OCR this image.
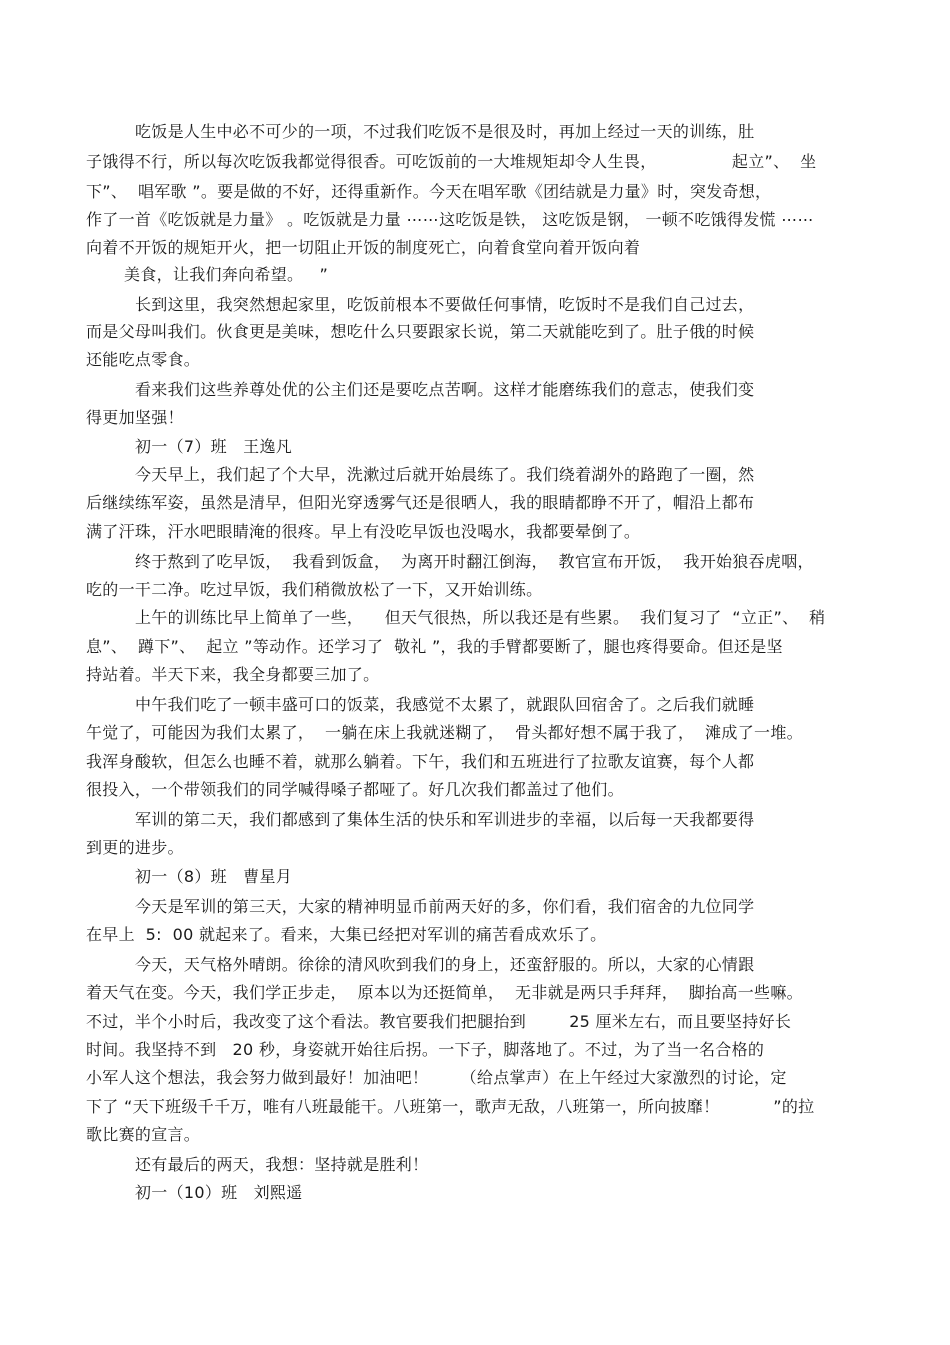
吃饭是人生中必不可少的一项，不过我们吃饭不是很及时，再加上经过一天的训练，肚
子饿得不行，所以每次吃饭我都觉得很香。可吃饭前的一大堆规矩却令人生畏，              起立”、  坐
下”、  唱军歌 ”。要是做的不好，还得重新作。今天在唱军歌《团结就是力量》时，突发奇想，
作了一首《吃饭就是力量》 。吃饭就是力量 ⋯⋯这吃饭是铁， 这吃饭是钢， 一顿不吃饿得发慌 ⋯⋯
向着不开饭的规矩开火，把一切阻止开饭的制度死亡，向着食堂向着开饭向着
美食，让我们奔向希望。   ”
长到这里，我突然想起家里，吃饭前根本不要做任何事情，吃饭时不是我们自己过去，
而是父母叫我们。伙食更是美味，想吃什么只要跟家长说，第二天就能吃到了。肚子俄的时候
还能吃点零食。
看来我们这些养尊处优的公主们还是要吃点苦啊。这样才能磨练我们的意志，使我们变
得更加坚强！
初一（7）班   王逸凡
今天早上，我们起了个大早，洗漱过后就开始晨练了。我们绕着湖外的路跑了一圈，然
后继续练军姿，虽然是清早，但阳光穿透雾气还是很晒人，我的眼睛都睁不开了，帽沿上都布
满了汗珠，汗水吧眼睛淹的很疼。早上有没吃早饭也没喝水，我都要晕倒了。
终于熬到了吃早饭，  我看到饭盒，  为离开时翻江倒海，  教官宣布开饭，  我开始狼吞虎咽，
吃的一干二净。吃过早饭，我们稍微放松了一下，又开始训练。
上午的训练比早上简单了一些，    但天气很热，所以我还是有些累。  我们复习了  “立正”、  稍
息”、  蹲下”、  起立 ”等动作。还学习了  敬礼 ”，我的手臂都要断了，腿也疼得要命。但还是坚
持站着。半天下来，我全身都要三加了。
中午我们吃了一顿丰盛可口的饭菜，我感觉不太累了，就跟队回宿舍了。之后我们就睡
午觉了，可能因为我们太累了，  一躺在床上我就迷糊了，  骨头都好想不属于我了，  滩成了一堆。
我浑身酸软，但怎么也睡不着，就那么躺着。下午，我们和五班进行了拉歌友谊赛，每个人都
很投入，一个带领我们的同学喊得嗓子都哑了。好几次我们都盖过了他们。
军训的第二天，我们都感到了集体生活的快乐和军训进步的幸福，以后每一天我都要得
到更的进步。
初一（8）班   曹星月
今天是军训的第三天，大家的精神明显币前两天好的多，你们看，我们宿舍的九位同学
在早上  5:  00 就起来了。看来，大集已经把对军训的痛苦看成欢乐了。
今天，天气格外晴朗。徐徐的清风吹到我们的身上，还蛮舒服的。所以，大家的心情跟
着天气在变。今天，我们学正步走，  原本以为还挺简单，  无非就是两只手拜拜，  脚抬高一些嘛。
不过，半个小时后，我改变了这个看法。教官要我们把腿抬到        25 厘米左右，而且要坚持好长
时间。我坚持不到   20 秒，身姿就开始往后拐。一下子，脚落地了。不过，为了当一名合格的
小军人这个想法，我会努力做到最好！加油吧！      （给点掌声）在上午经过大家激烈的讨论，定
下了 “天下班级千千万，唯有八班最能干。八班第一，歌声无敌，八班第一，所向披靡！          ”的拉
歌比赛的宣言。
还有最后的两天，我想：坚持就是胜利！
初一（10）班   刘熙遥
